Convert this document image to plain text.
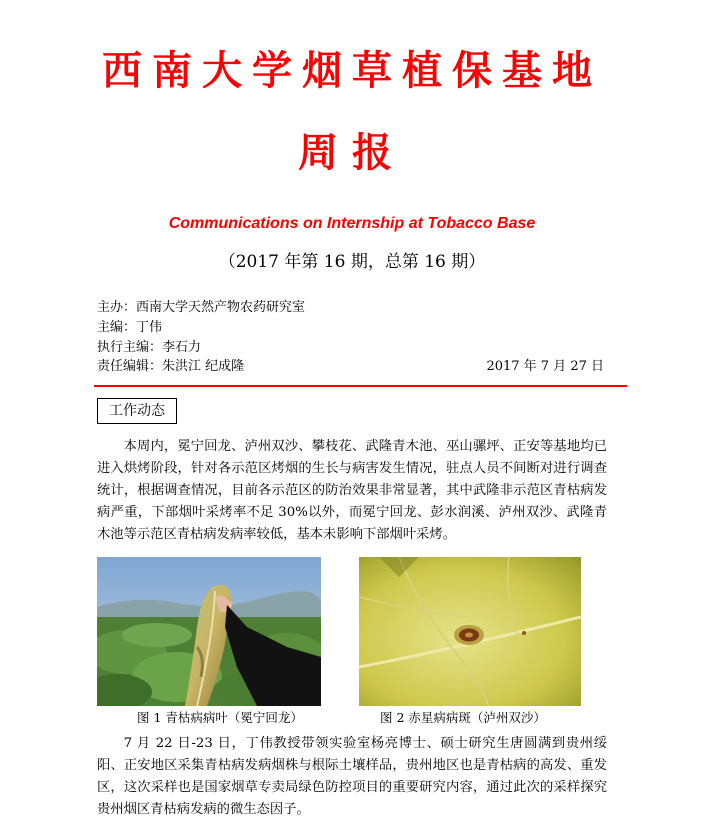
西南大学烟草植保基地
周报
Communications on Internship at Tobacco Base
（2017 年第 16 期，总第 16 期）
主办：西南大学天然产物农药研究室
主编：丁伟
执行主编：李石力
责任编辑：朱洪江 纪成隆	2017 年 7 月 27 日
工作动态

本周内，冕宁回龙、泸州双沙、攀枝花、武隆青木池、巫山骡坪、正安等基地均已进入烘烤阶段，针对各示范区烤烟的生长与病害发生情况，驻点人员不间断对进行调查统计，根据调查情况，目前各示范区的防治效果非常显著，其中武隆非示范区青枯病发病严重，下部烟叶采烤率不足 30%以外，而冕宁回龙、彭水润溪、泸州双沙、武隆青木池等示范区青枯病发病率较低，基本未影响下部烟叶采烤。

图 1 青枯病病叶（冕宁回龙）	图 2 赤星病病斑（泸州双沙）

7 月 22 日-23 日，丁伟教授带领实验室杨亮博士、硕士研究生唐圆满到贵州绥阳、正安地区采集青枯病发病烟株与根际土壤样品，贵州地区也是青枯病的高发、重发区，这次采样也是国家烟草专卖局绿色防控项目的重要研究内容，通过此次的采样探究贵州烟区青枯病发病的微生态因子。
